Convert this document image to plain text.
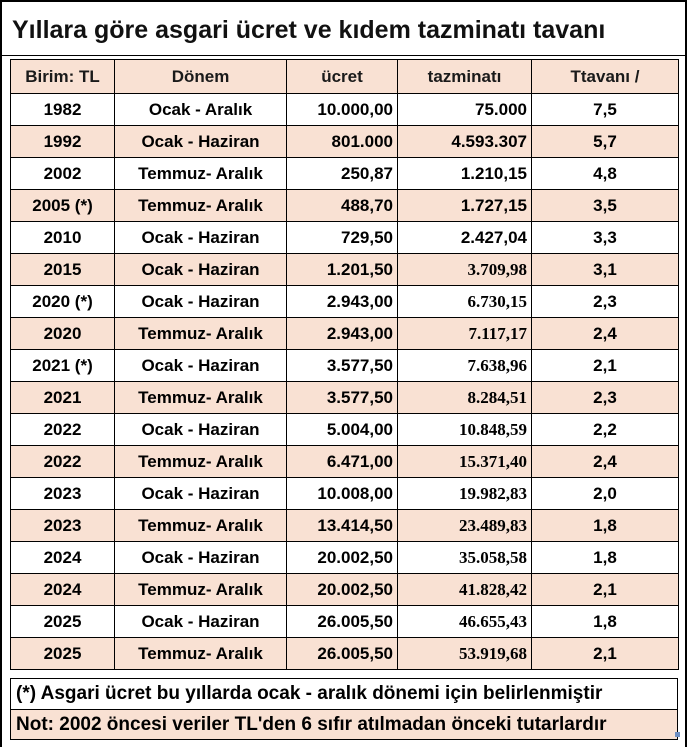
Yıllara göre asgari ücret ve kıdem tazminatı tavanı
Birim: TL	Dönem	ücret	tazminatı	Ttavanı /
1982	Ocak - Aralık	10.000,00	75.000	7,5
1992	Ocak - Haziran	801.000	4.593.307	5,7
2002	Temmuz- Aralık	250,87	1.210,15	4,8
2005 (*)	Temmuz- Aralık	488,70	1.727,15	3,5
2010	Ocak - Haziran	729,50	2.427,04	3,3
2015	Ocak - Haziran	1.201,50	3.709,98	3,1
2020 (*)	Ocak - Haziran	2.943,00	6.730,15	2,3
2020	Temmuz- Aralık	2.943,00	7.117,17	2,4
2021 (*)	Ocak - Haziran	3.577,50	7.638,96	2,1
2021	Temmuz- Aralık	3.577,50	8.284,51	2,3
2022	Ocak - Haziran	5.004,00	10.848,59	2,2
2022	Temmuz- Aralık	6.471,00	15.371,40	2,4
2023	Ocak - Haziran	10.008,00	19.982,83	2,0
2023	Temmuz- Aralık	13.414,50	23.489,83	1,8
2024	Ocak - Haziran	20.002,50	35.058,58	1,8
2024	Temmuz- Aralık	20.002,50	41.828,42	2,1
2025	Ocak - Haziran	26.005,50	46.655,43	1,8
2025	Temmuz- Aralık	26.005,50	53.919,68	2,1
(*) Asgari ücret bu yıllarda ocak - aralık dönemi için belirlenmiştir
Not: 2002 öncesi veriler TL'den 6 sıfır atılmadan önceki tutarlardır
